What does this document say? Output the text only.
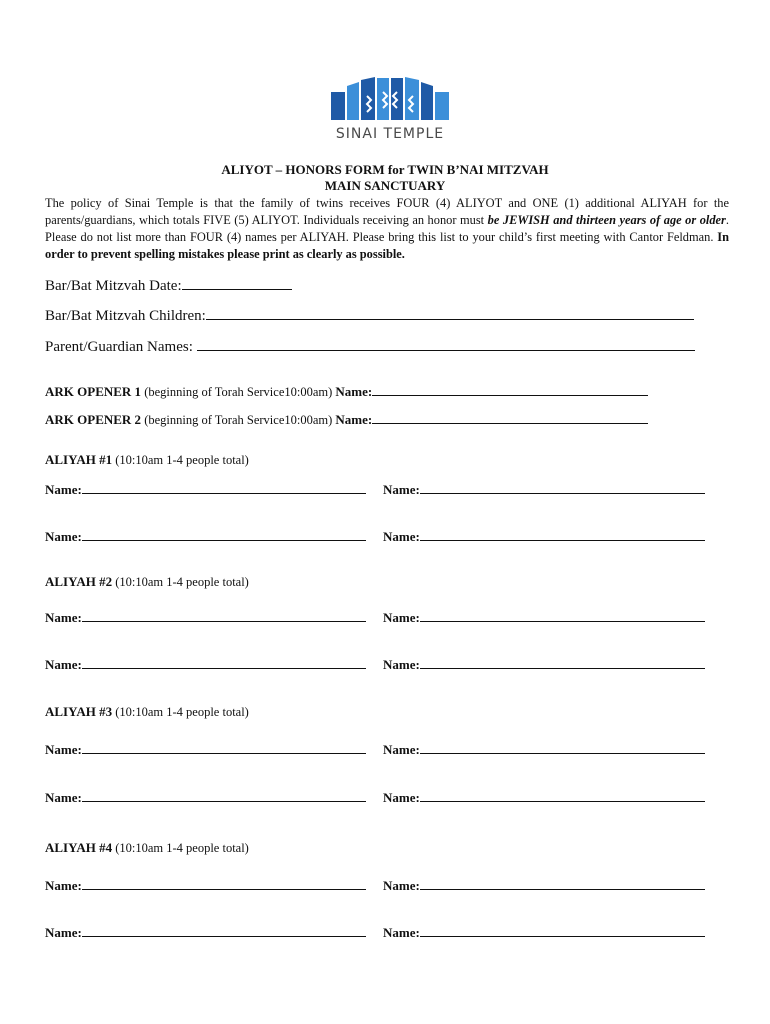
SINAI TEMPLE
ALIYOT – HONORS FORM for TWIN B’NAI MITZVAH
MAIN SANCTUARY
The policy of Sinai Temple is that the family of twins receives FOUR (4) ALIYOT and ONE (1) additional ALIYAH for the parents/guardians, which totals FIVE (5) ALIYOT. Individuals receiving an honor must be JEWISH and thirteen years of age or older. Please do not list more than FOUR (4) names per ALIYAH. Please bring this list to your child’s first meeting with Cantor Feldman. In order to prevent spelling mistakes please print as clearly as possible.
Bar/Bat Mitzvah Date:
Bar/Bat Mitzvah Children:
Parent/Guardian Names:
ARK OPENER 1 (beginning of Torah Service10:00am) Name:
ARK OPENER 2 (beginning of Torah Service10:00am) Name:
ALIYAH #1 (10:10am 1-4 people total)
Name:	Name:
Name:	Name:
ALIYAH #2 (10:10am 1-4 people total)
Name:	Name:
Name:	Name:
ALIYAH #3 (10:10am 1-4 people total)
Name:	Name:
Name:	Name:
ALIYAH #4 (10:10am 1-4 people total)
Name:	Name:
Name:	Name:
